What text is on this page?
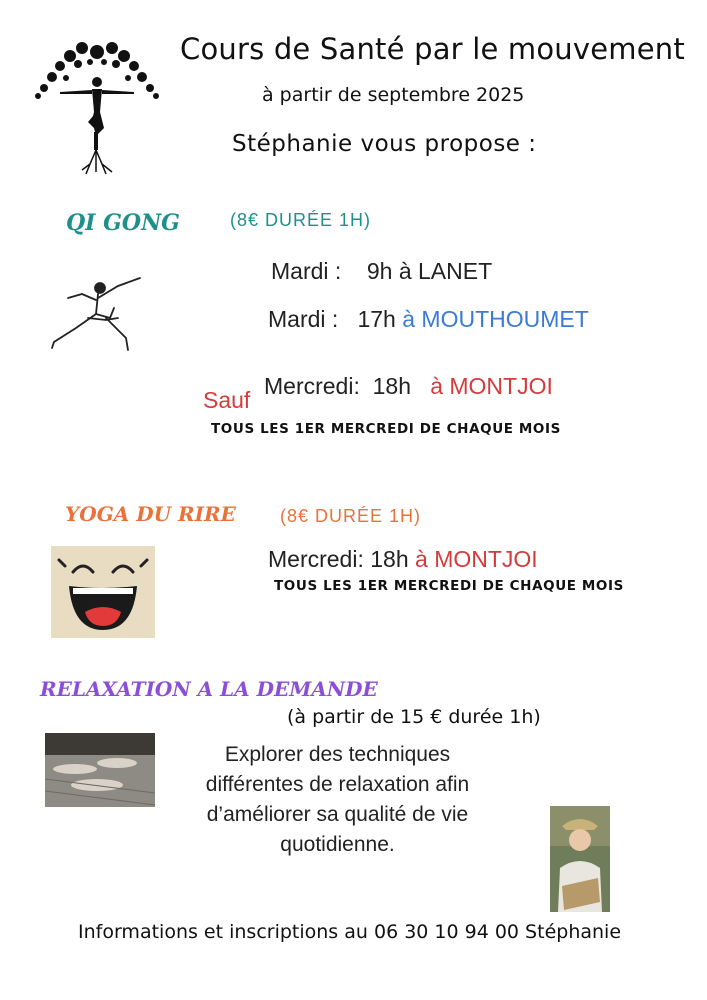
Cours de Santé par le mouvement
à partir de septembre 2025
Stéphanie vous propose :
QI GONG	(8€ DURÉE 1H)
Mardi : 9h à LANET
Mardi : 17h à MOUTHOUMET
Sauf
Mercredi: 18h à MONTJOI
TOUS LES 1ER MERCREDI DE CHAQUE MOIS
YOGA DU RIRE (8€ DURÉE 1H)
Mercredi: 18h à MONTJOI
TOUS LES 1ER MERCREDI DE CHAQUE MOIS
RELAXATION A LA DEMANDE
(à partir de 15 € durée 1h)
Explorer des techniques différentes de relaxation afin d’améliorer sa qualité de vie quotidienne.
Informations et inscriptions au 06 30 10 94 00 Stéphanie
